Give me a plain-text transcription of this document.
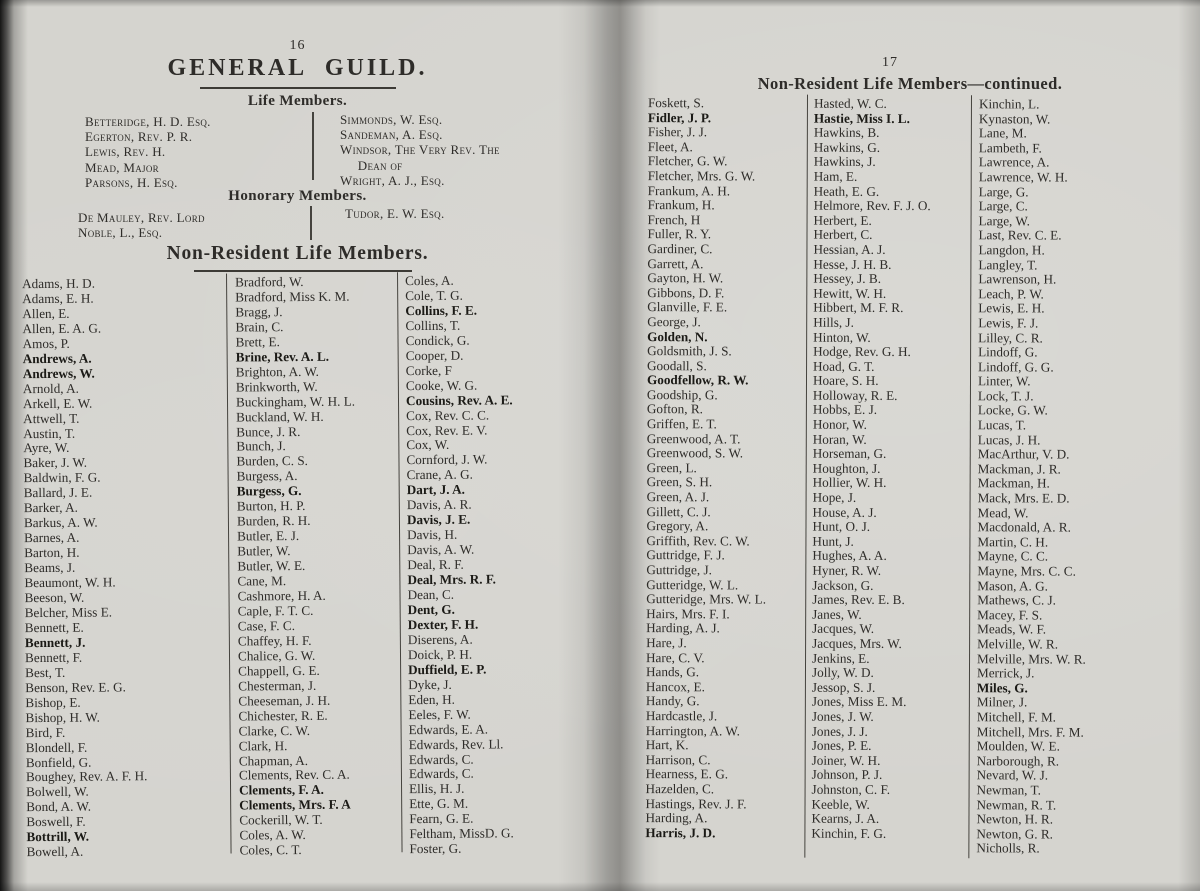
16
GENERAL GUILD.
Life Members.
Betteridge, H. D. Esq.
Egerton, Rev. P. R.
Lewis, Rev. H.
Mead, Major
Parsons, H. Esq.
Simmonds, W. Esq.
Sandeman, A. Esq.
Windsor, The Very Rev. The
Dean of
Wright, A. J., Esq.
Honorary Members.
De Mauley, Rev. Lord
Noble, L., Esq.
Tudor, E. W. Esq.
Non-Resident Life Members.
Adams, H. D.
Adams, E. H.
Allen, E.
Allen, E. A. G.
Amos, P.
Andrews, A.
Andrews, W.
Arnold, A.
Arkell, E. W.
Attwell, T.
Austin, T.
Ayre, W.
Baker, J. W.
Baldwin, F. G.
Ballard, J. E.
Barker, A.
Barkus, A. W.
Barnes, A.
Barton, H.
Beams, J.
Beaumont, W. H.
Beeson, W.
Belcher, Miss E.
Bennett, E.
Bennett, J.
Bennett, F.
Best, T.
Benson, Rev. E. G.
Bishop, E.
Bishop, H. W.
Bird, F.
Blondell, F.
Bonfield, G.
Boughey, Rev. A. F. H.
Bolwell, W.
Bond, A. W.
Boswell, F.
Bottrill, W.
Bowell, A.
Bradford, W.
Bradford, Miss K. M.
Bragg, J.
Brain, C.
Brett, E.
Brine, Rev. A. L.
Brighton, A. W.
Brinkworth, W.
Buckingham, W. H. L.
Buckland, W. H.
Bunce, J. R.
Bunch, J.
Burden, C. S.
Burgess, A.
Burgess, G.
Burton, H. P.
Burden, R. H.
Butler, E. J.
Butler, W.
Butler, W. E.
Cane, M.
Cashmore, H. A.
Caple, F. T. C.
Case, F. C.
Chaffey, H. F.
Chalice, G. W.
Chappell, G. E.
Chesterman, J.
Cheeseman, J. H.
Chichester, R. E.
Clarke, C. W.
Clark, H.
Chapman, A.
Clements, Rev. C. A.
Clements, F. A.
Clements, Mrs. F. A
Cockerill, W. T.
Coles, A. W.
Coles, C. T.
Coles, A.
Cole, T. G.
Collins, F. E.
Collins, T.
Condick, G.
Cooper, D.
Corke, F
Cooke, W. G.
Cousins, Rev. A. E.
Cox, Rev. C. C.
Cox, Rev. E. V.
Cox, W.
Cornford, J. W.
Crane, A. G.
Dart, J. A.
Davis, A. R.
Davis, J. E.
Davis, H.
Davis, A. W.
Deal, R. F.
Deal, Mrs. R. F.
Dean, C.
Dent, G.
Dexter, F. H.
Diserens, A.
Doick, P. H.
Duffield, E. P.
Dyke, J.
Eden, H.
Eeles, F. W.
Edwards, E. A.
Edwards, Rev. Ll.
Edwards, C.
Edwards, C.
Ellis, H. J.
Ette, G. M.
Fearn, G. E.
Feltham, MissD. G.
Foster, G.
17
Non-Resident Life Members—continued.
Foskett, S.
Fidler, J. P.
Fisher, J. J.
Fleet, A.
Fletcher, G. W.
Fletcher, Mrs. G. W.
Frankum, A. H.
Frankum, H.
French, H
Fuller, R. Y.
Gardiner, C.
Garrett, A.
Gayton, H. W.
Gibbons, D. F.
Glanville, F. E.
George, J.
Golden, N.
Goldsmith, J. S.
Goodall, S.
Goodfellow, R. W.
Goodship, G.
Gofton, R.
Griffen, E. T.
Greenwood, A. T.
Greenwood, S. W.
Green, L.
Green, S. H.
Green, A. J.
Gillett, C. J.
Gregory, A.
Griffith, Rev. C. W.
Guttridge, F. J.
Guttridge, J.
Gutteridge, W. L.
Gutteridge, Mrs. W. L.
Hairs, Mrs. F. I.
Harding, A. J.
Hare, J.
Hare, C. V.
Hands, G.
Hancox, E.
Handy, G.
Hardcastle, J.
Harrington, A. W.
Hart, K.
Harrison, C.
Hearness, E. G.
Hazelden, C.
Hastings, Rev. J. F.
Harding, A.
Harris, J. D.
Hasted, W. C.
Hastie, Miss I. L.
Hawkins, B.
Hawkins, G.
Hawkins, J.
Ham, E.
Heath, E. G.
Helmore, Rev. F. J. O.
Herbert, E.
Herbert, C.
Hessian, A. J.
Hesse, J. H. B.
Hessey, J. B.
Hewitt, W. H.
Hibbert, M. F. R.
Hills, J.
Hinton, W.
Hodge, Rev. G. H.
Hoad, G. T.
Hoare, S. H.
Holloway, R. E.
Hobbs, E. J.
Honor, W.
Horan, W.
Horseman, G.
Houghton, J.
Hollier, W. H.
Hope, J.
House, A. J.
Hunt, O. J.
Hunt, J.
Hughes, A. A.
Hyner, R. W.
Jackson, G.
James, Rev. E. B.
Janes, W.
Jacques, W.
Jacques, Mrs. W.
Jenkins, E.
Jolly, W. D.
Jessop, S. J.
Jones, Miss E. M.
Jones, J. W.
Jones, J. J.
Jones, P. E.
Joiner, W. H.
Johnson, P. J.
Johnston, C. F.
Keeble, W.
Kearns, J. A.
Kinchin, F. G.
Kinchin, L.
Kynaston, W.
Lane, M.
Lambeth, F.
Lawrence, A.
Lawrence, W. H.
Large, G.
Large, C.
Large, W.
Last, Rev. C. E.
Langdon, H.
Langley, T.
Lawrenson, H.
Leach, P. W.
Lewis, E. H.
Lewis, F. J.
Lilley, C. R.
Lindoff, G.
Lindoff, G. G.
Linter, W.
Lock, T. J.
Locke, G. W.
Lucas, T.
Lucas, J. H.
MacArthur, V. D.
Mackman, J. R.
Mackman, H.
Mack, Mrs. E. D.
Mead, W.
Macdonald, A. R.
Martin, C. H.
Mayne, C. C.
Mayne, Mrs. C. C.
Mason, A. G.
Mathews, C. J.
Macey, F. S.
Meads, W. F.
Melville, W. R.
Melville, Mrs. W. R.
Merrick, J.
Miles, G.
Milner, J.
Mitchell, F. M.
Mitchell, Mrs. F. M.
Moulden, W. E.
Narborough, R.
Nevard, W. J.
Newman, T.
Newman, R. T.
Newton, H. R.
Newton, G. R.
Nicholls, R.
